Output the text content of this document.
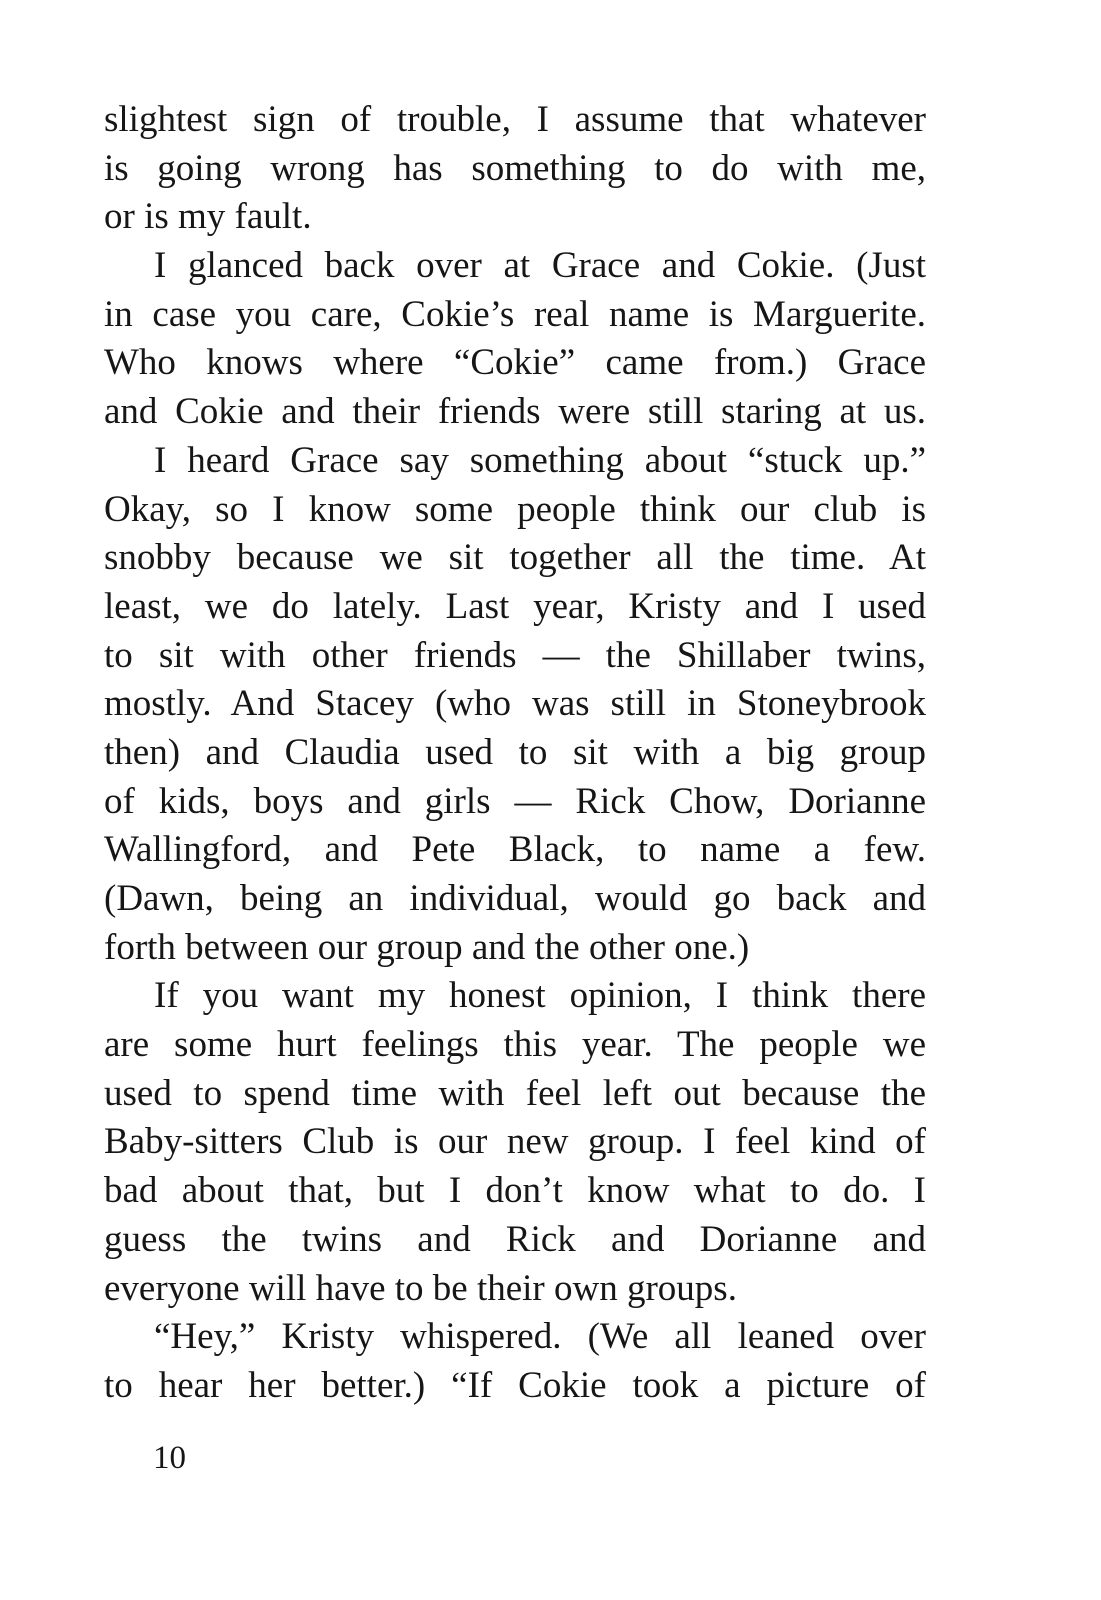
slightest sign of trouble, I assume that whatever
is going wrong has something to do with me,
or is my fault.
I glanced back over at Grace and Cokie. (Just
in case you care, Cokie’s real name is Marguerite.
Who knows where “Cokie” came from.) Grace
and Cokie and their friends were still staring at us.
I heard Grace say something about “stuck up.”
Okay, so I know some people think our club is
snobby because we sit together all the time. At
least, we do lately. Last year, Kristy and I used
to sit with other friends — the Shillaber twins,
mostly. And Stacey (who was still in Stoneybrook
then) and Claudia used to sit with a big group
of kids, boys and girls — Rick Chow, Dorianne
Wallingford, and Pete Black, to name a few.
(Dawn, being an individual, would go back and
forth between our group and the other one.)
If you want my honest opinion, I think there
are some hurt feelings this year. The people we
used to spend time with feel left out because the
Baby-sitters Club is our new group. I feel kind of
bad about that, but I don’t know what to do. I
guess the twins and Rick and Dorianne and
everyone will have to be their own groups.
“Hey,” Kristy whispered. (We all leaned over
to hear her better.) “If Cokie took a picture of
10
